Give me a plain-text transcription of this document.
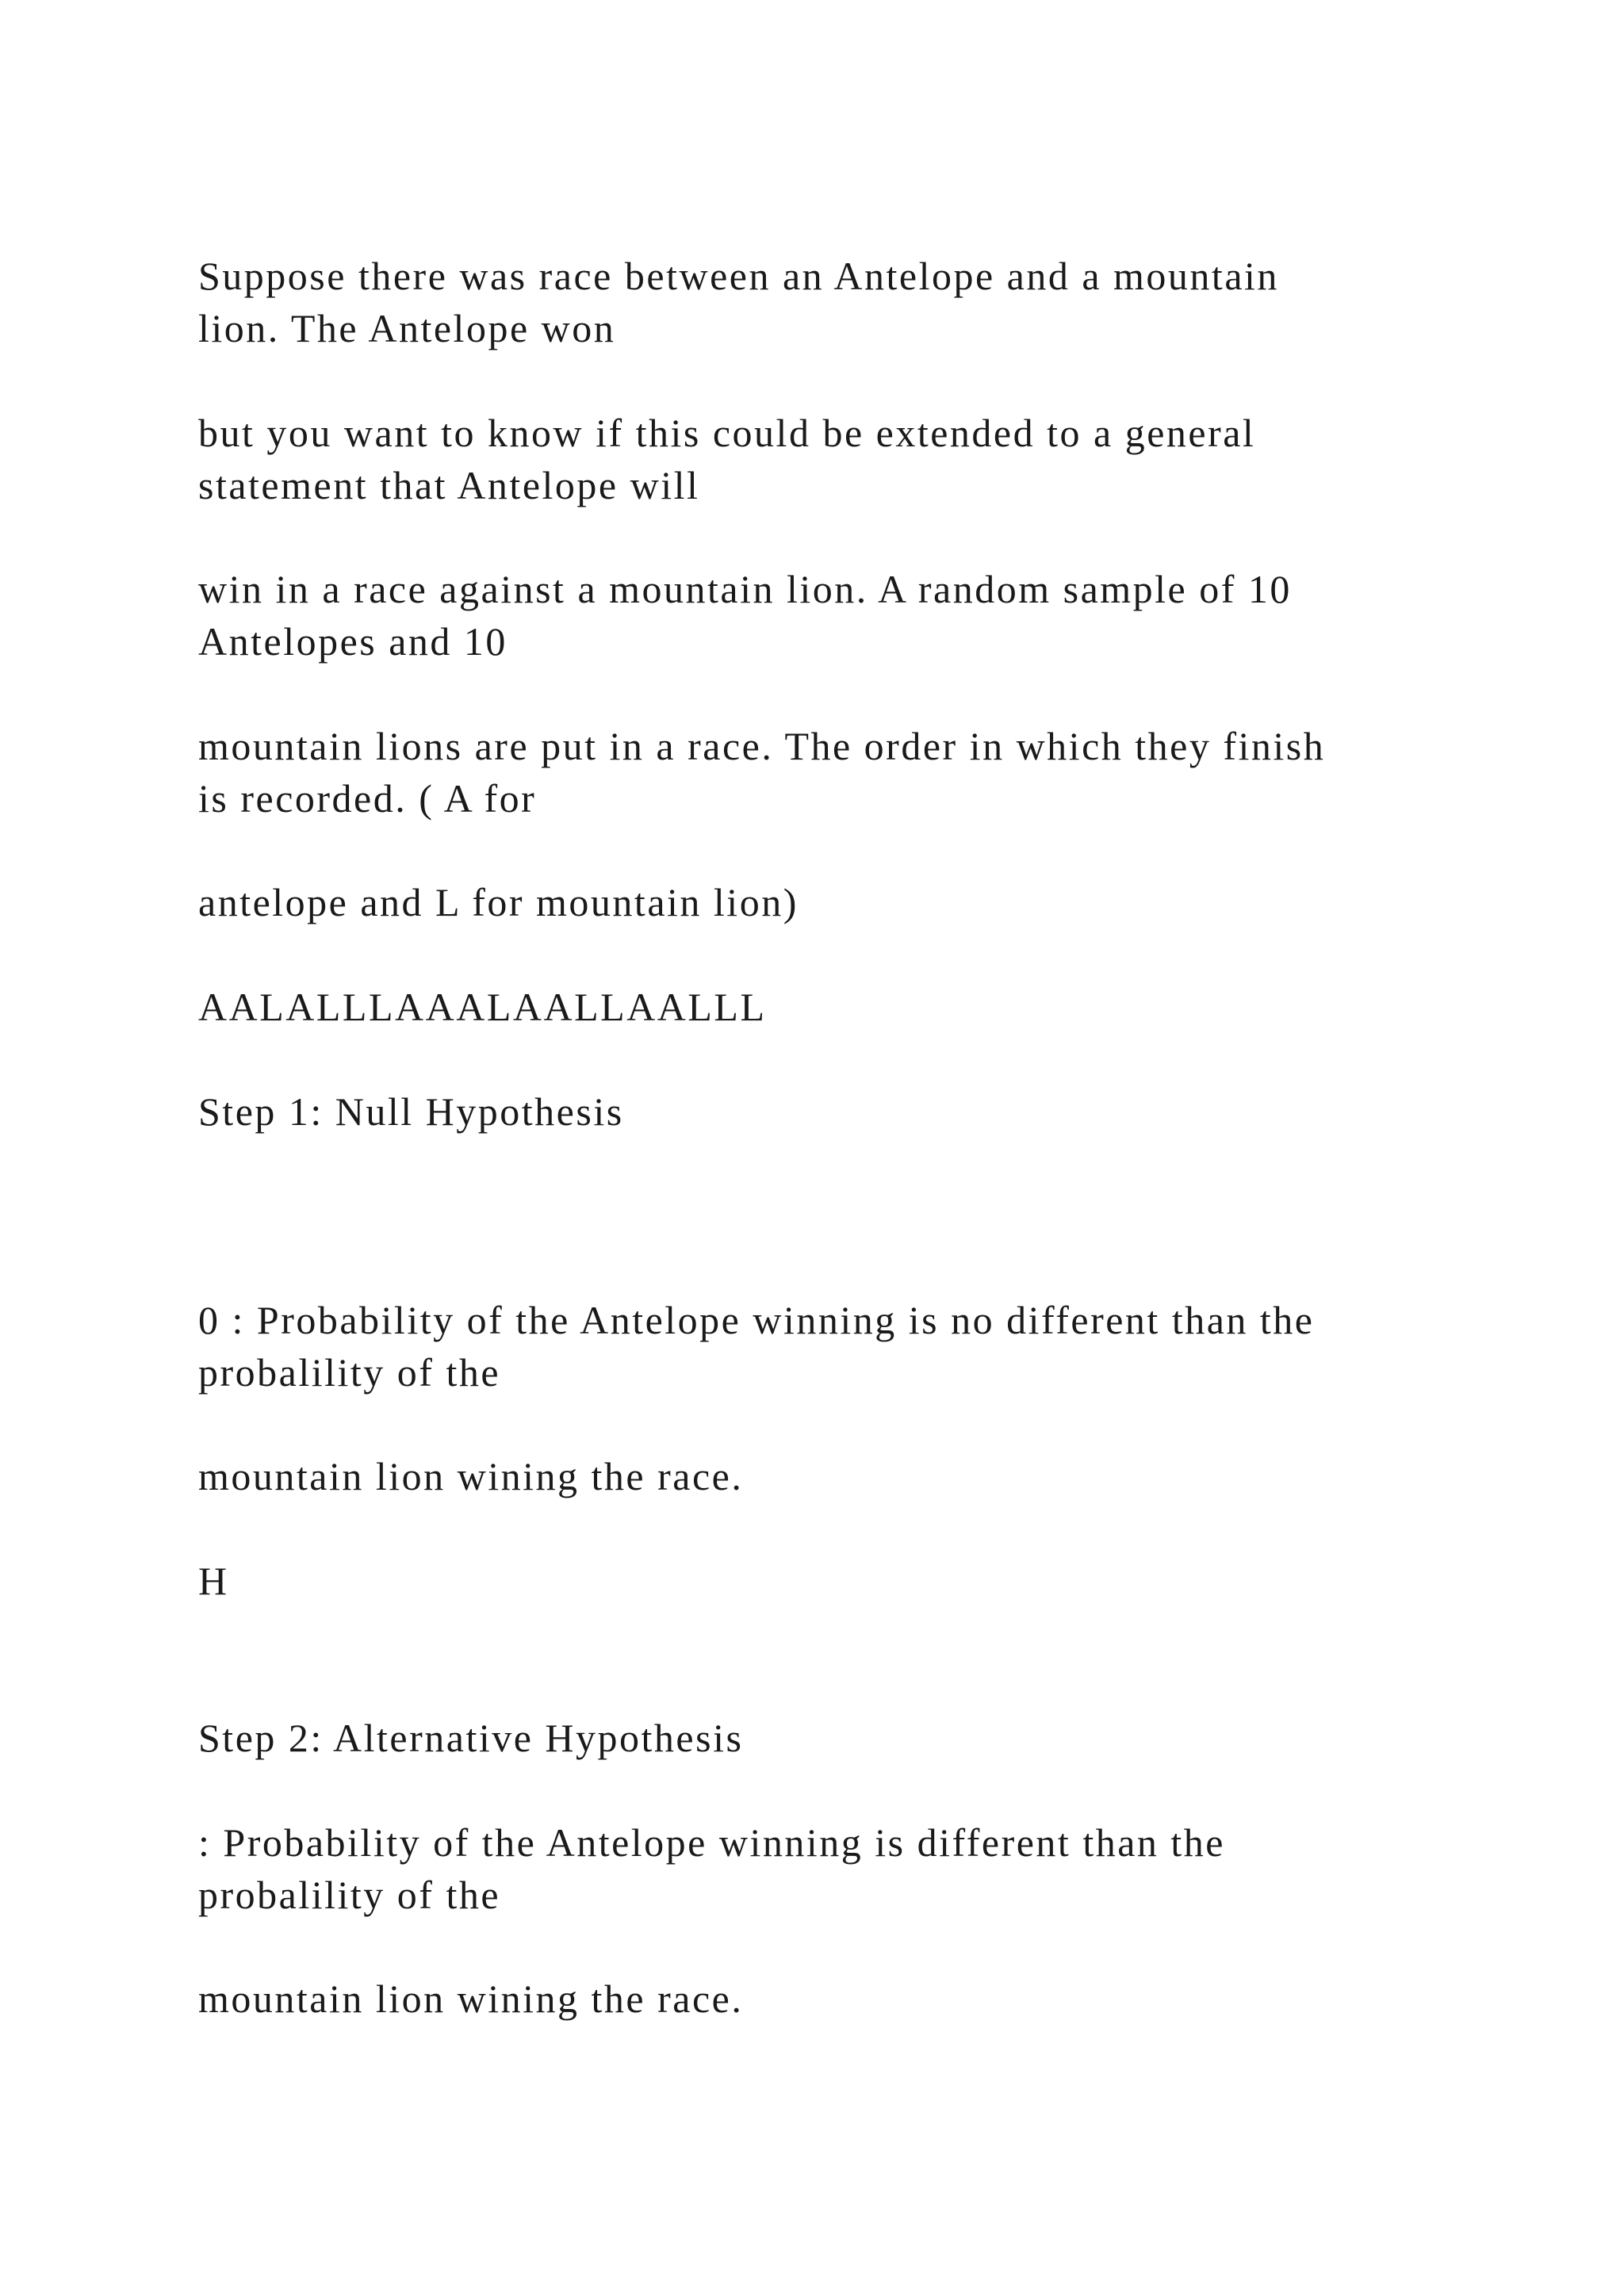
Suppose there was race between an Antelope and a mountain

lion. The Antelope won

but you want to know if this could be extended to a general

statement that Antelope will

win in a race against a mountain lion. A random sample of 10

Antelopes and 10

mountain lions are put in a race. The order in which they finish

is recorded. ( A for

antelope and L for mountain lion)

AALALLLAAALAALLAALLL

Step 1: Null Hypothesis

0 : Probability of the Antelope winning is no different than the

probalility of the

mountain lion wining the race.

H

Step 2: Alternative Hypothesis

: Probability of the Antelope winning is different than the

probalility of the

mountain lion wining the race.
